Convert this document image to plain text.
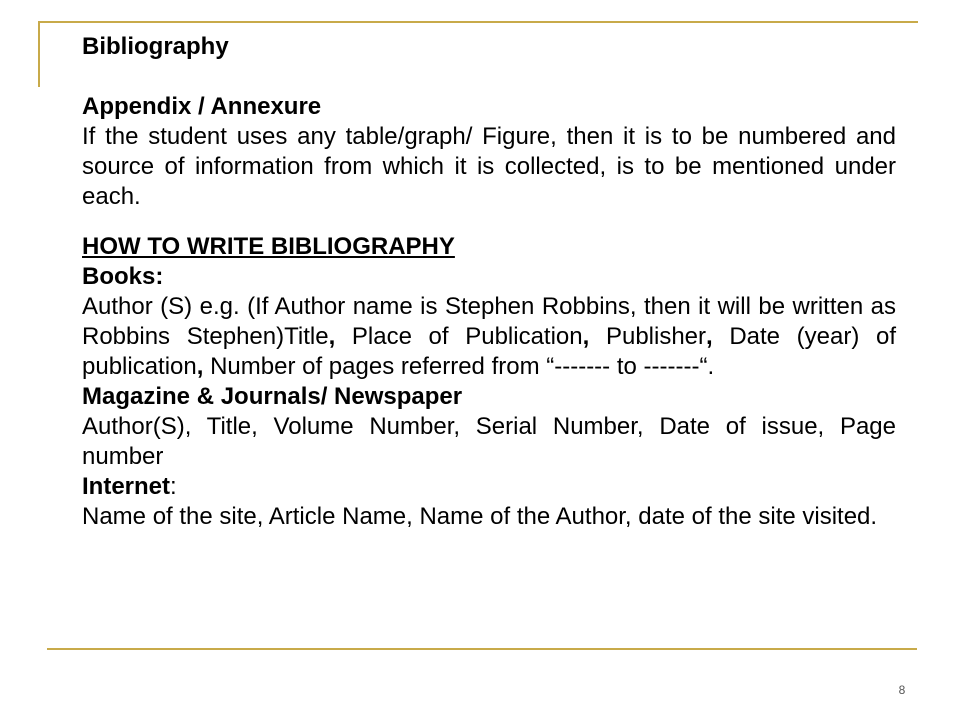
Bibliography

Appendix / Annexure

If the student uses any table/graph/ Figure, then it is to be numbered and source of information from which it is collected, is to be mentioned under each.

HOW TO WRITE BIBLIOGRAPHY

Books:

Author (S) e.g. (If Author name is Stephen Robbins, then it will be written as Robbins Stephen)Title, Place of Publication, Publisher, Date (year) of publication, Number of pages referred from “------- to -------“.

Magazine & Journals/ Newspaper

Author(S), Title, Volume Number, Serial Number, Date of issue, Page number

Internet:

Name of the site, Article Name, Name of the Author, date of the site visited.

8
